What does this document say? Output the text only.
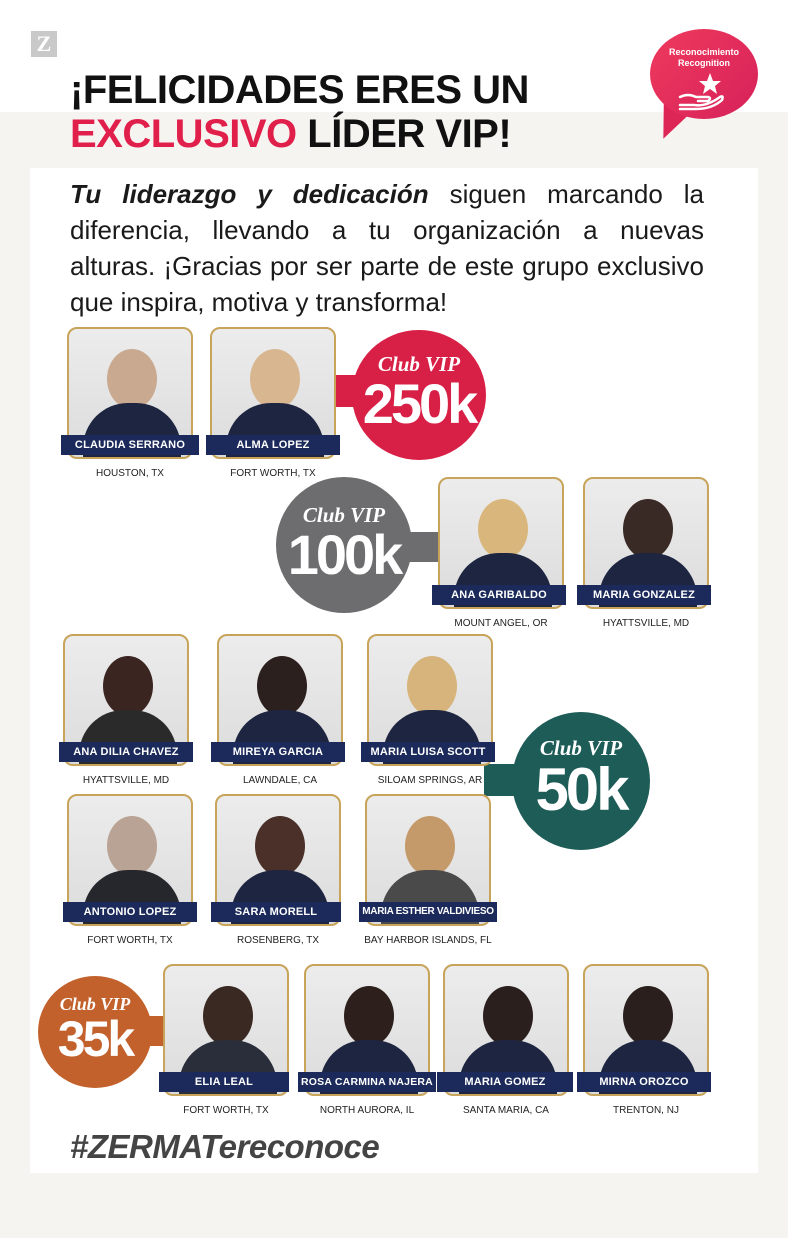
Z
¡FELICIDADES ERES UN
EXCLUSIVO LÍDER VIP!
Reconocimiento
Recognition
Tu liderazgo y dedicación siguen marcando la diferencia, llevando a tu organización a nuevas alturas. ¡Gracias por ser parte de este grupo exclusivo que inspira, motiva y transforma!
Club VIP
250k
Club VIP
100k
Club VIP
50k
Club VIP
35k
CLAUDIA SERRANO
HOUSTON, TX
ALMA LOPEZ
FORT WORTH, TX
ANA GARIBALDO
MOUNT ANGEL, OR
MARIA GONZALEZ
HYATTSVILLE, MD
ANA DILIA CHAVEZ
HYATTSVILLE, MD
MIREYA GARCIA
LAWNDALE, CA
MARIA LUISA SCOTT
SILOAM SPRINGS, AR
ANTONIO LOPEZ
FORT WORTH, TX
SARA MORELL
ROSENBERG, TX
MARIA ESTHER VALDIVIESO
BAY HARBOR ISLANDS, FL
ELIA LEAL
FORT WORTH, TX
ROSA CARMINA NAJERA
NORTH AURORA, IL
MARIA GOMEZ
SANTA MARIA, CA
MIRNA OROZCO
TRENTON, NJ
#ZERMATereconoce
